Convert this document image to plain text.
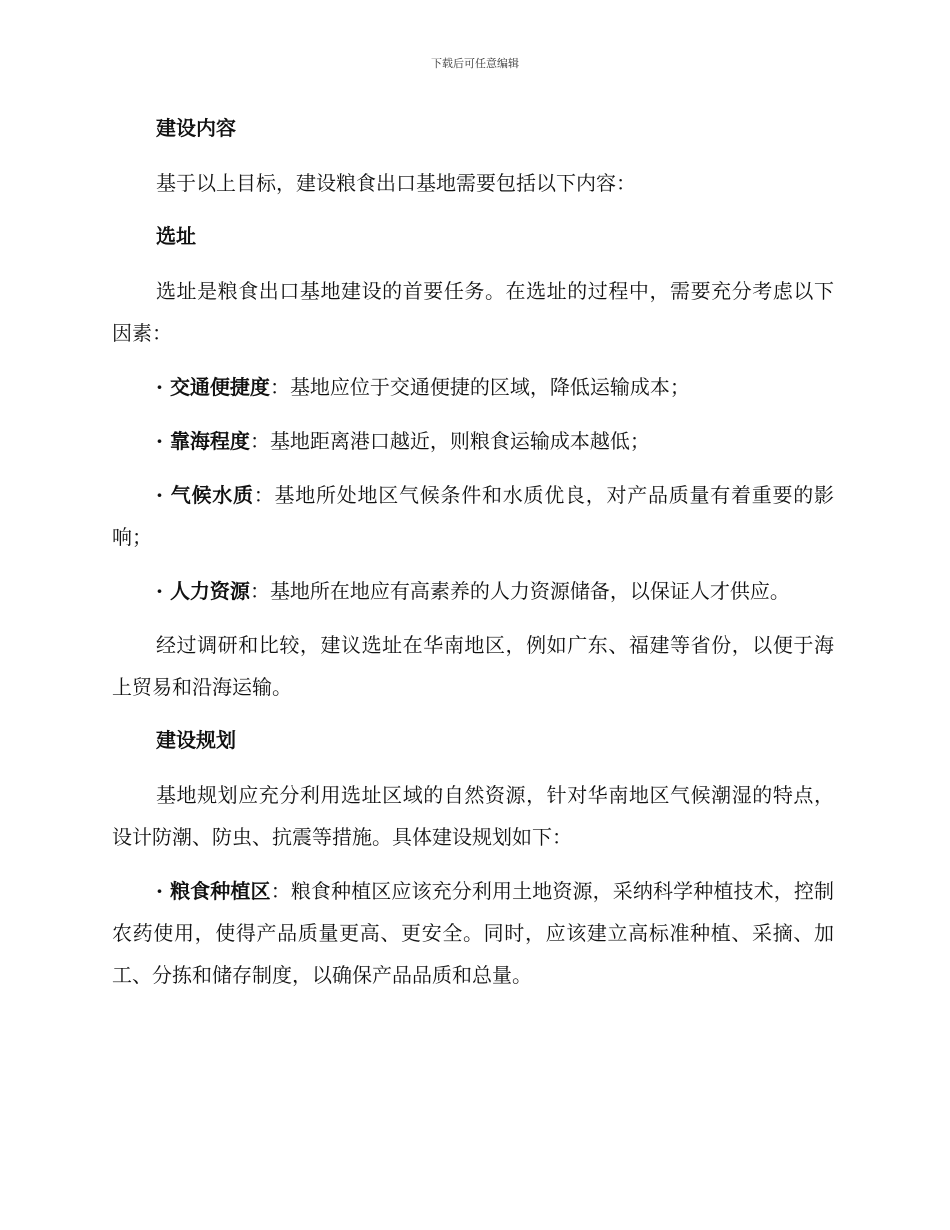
下载后可任意编辑
建设内容
基于以上目标，建设粮食出口基地需要包括以下内容：
选址
选址是粮食出口基地建设的首要任务。在选址的过程中，需要充分考虑以下因素：
· 交通便捷度：基地应位于交通便捷的区域，降低运输成本；
· 靠海程度：基地距离港口越近，则粮食运输成本越低；
· 气候水质：基地所处地区气候条件和水质优良，对产品质量有着重要的影响；
· 人力资源：基地所在地应有高素养的人力资源储备，以保证人才供应。
经过调研和比较，建议选址在华南地区，例如广东、福建等省份，以便于海上贸易和沿海运输。
建设规划
基地规划应充分利用选址区域的自然资源，针对华南地区气候潮湿的特点，设计防潮、防虫、抗震等措施。具体建设规划如下：
· 粮食种植区：粮食种植区应该充分利用土地资源，采纳科学种植技术，控制农药使用，使得产品质量更高、更安全。同时，应该建立高标准种植、采摘、加工、分拣和储存制度，以确保产品品质和总量。
